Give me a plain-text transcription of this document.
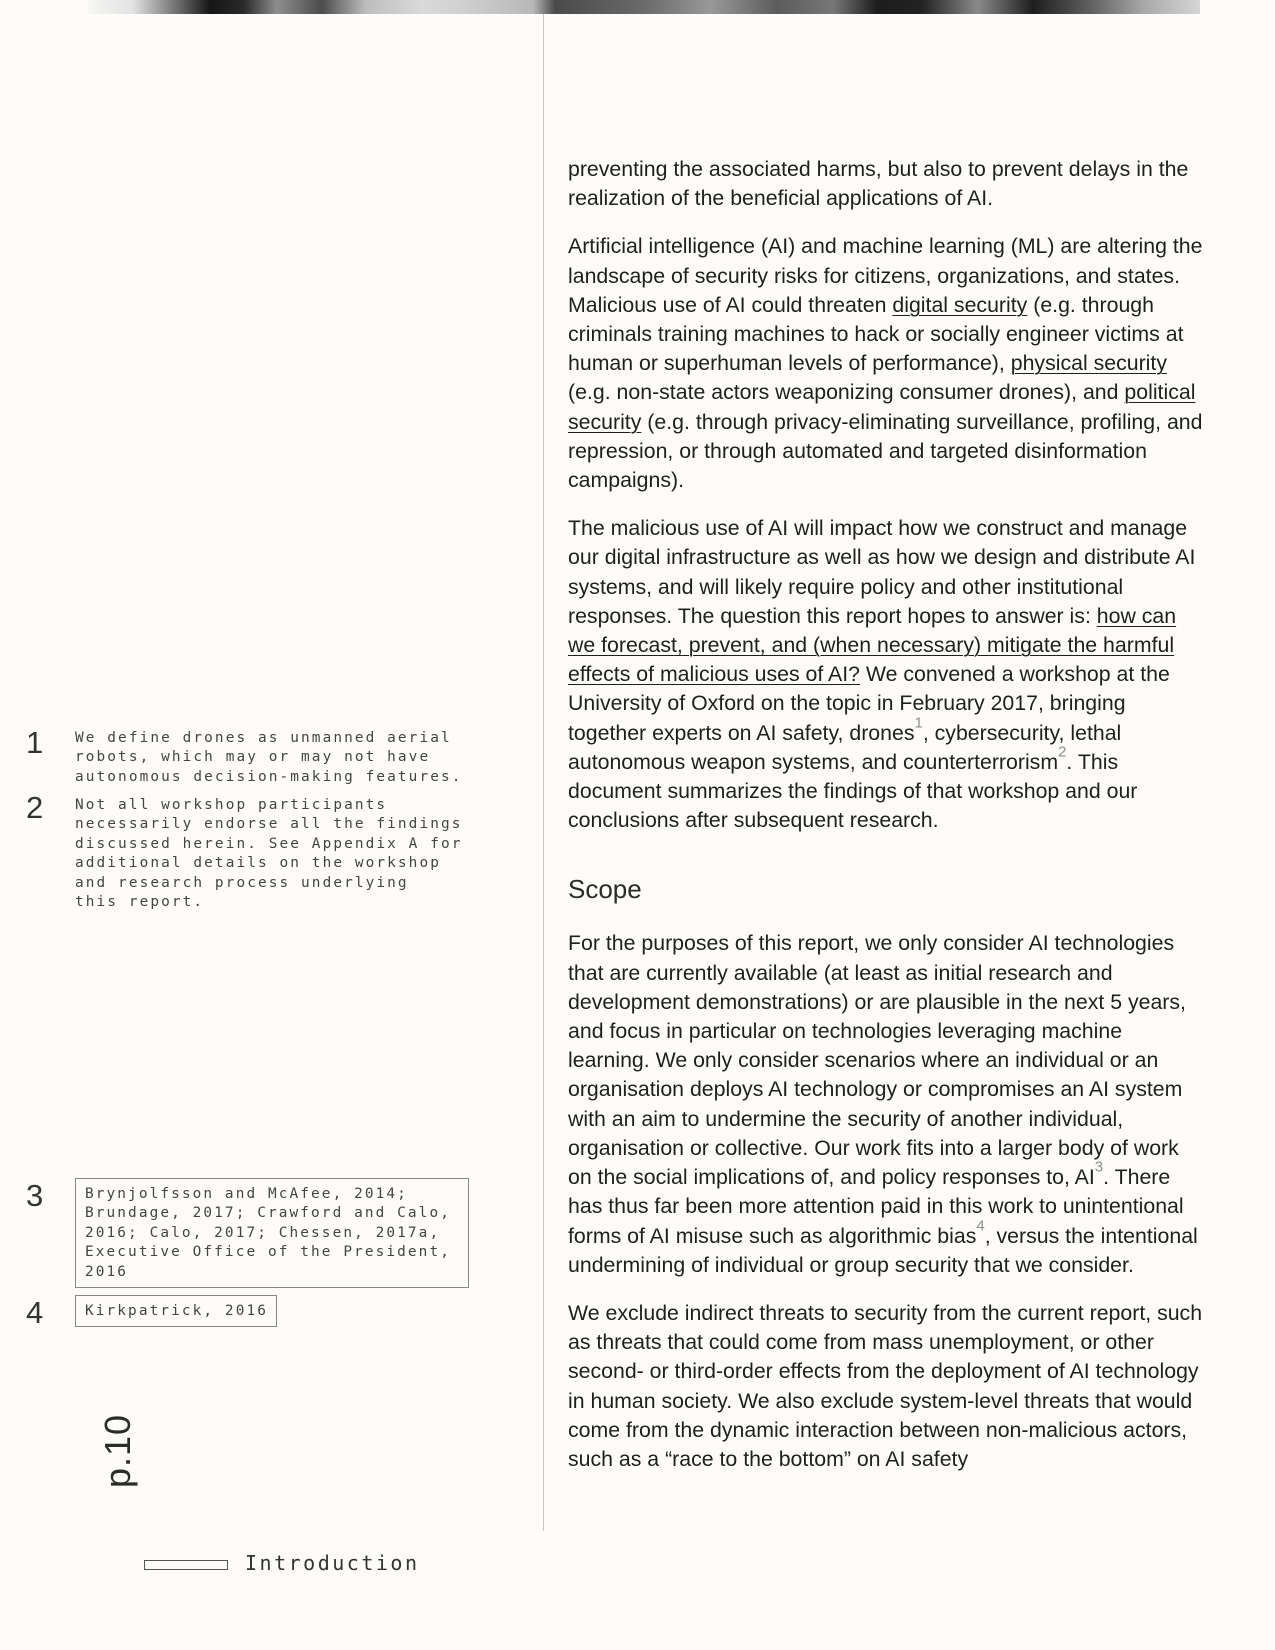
1 We define drones as unmanned aerial
robots, which may or may not have
autonomous decision-making features.
2 Not all workshop participants
necessarily endorse all the findings
discussed herein. See Appendix A for
additional details on the workshop
and research process underlying
this report.
3	Brynjolfsson and McAfee, 2014;
Brundage, 2017; Crawford and Calo,
2016; Calo, 2017; Chessen, 2017a,
Executive Office of the President,
2016
4	Kirkpatrick, 2016

preventing the associated harms, but also to prevent delays in the realization of the beneficial applications of AI.

Artificial intelligence (AI) and machine learning (ML) are altering the landscape of security risks for citizens, organizations, and states. Malicious use of AI could threaten digital security (e.g. through criminals training machines to hack or socially engineer victims at human or superhuman levels of performance), physical security (e.g. non-state actors weaponizing consumer drones), and political security (e.g. through privacy-eliminating surveillance, profiling, and repression, or through automated and targeted disinformation campaigns).

The malicious use of AI will impact how we construct and manage our digital infrastructure as well as how we design and distribute AI systems, and will likely require policy and other institutional responses. The question this report hopes to answer is: how can we forecast, prevent, and (when necessary) mitigate the harmful effects of malicious uses of AI? We convened a workshop at the University of Oxford on the topic in February 2017, bringing together experts on AI safety, drones$^1$, cybersecurity, lethal autonomous weapon systems, and counterterrorism$^2$. This document summarizes the findings of that workshop and our conclusions after subsequent research.

Scope

For the purposes of this report, we only consider AI technologies that are currently available (at least as initial research and development demonstrations) or are plausible in the next 5 years, and focus in particular on technologies leveraging machine learning. We only consider scenarios where an individual or an organisation deploys AI technology or compromises an AI system with an aim to undermine the security of another individual, organisation or collective. Our work fits into a larger body of work on the social implications of, and policy responses to, AI$^3$. There has thus far been more attention paid in this work to unintentional forms of AI misuse such as algorithmic bias$^4$, versus the intentional undermining of individual or group security that we consider.

We exclude indirect threats to security from the current report, such as threats that could come from mass unemployment, or other second- or third-order effects from the deployment of AI technology in human society. We also exclude system-level threats that would come from the dynamic interaction between non-malicious actors, such as a “race to the bottom” on AI safety

p.10
Introduction
